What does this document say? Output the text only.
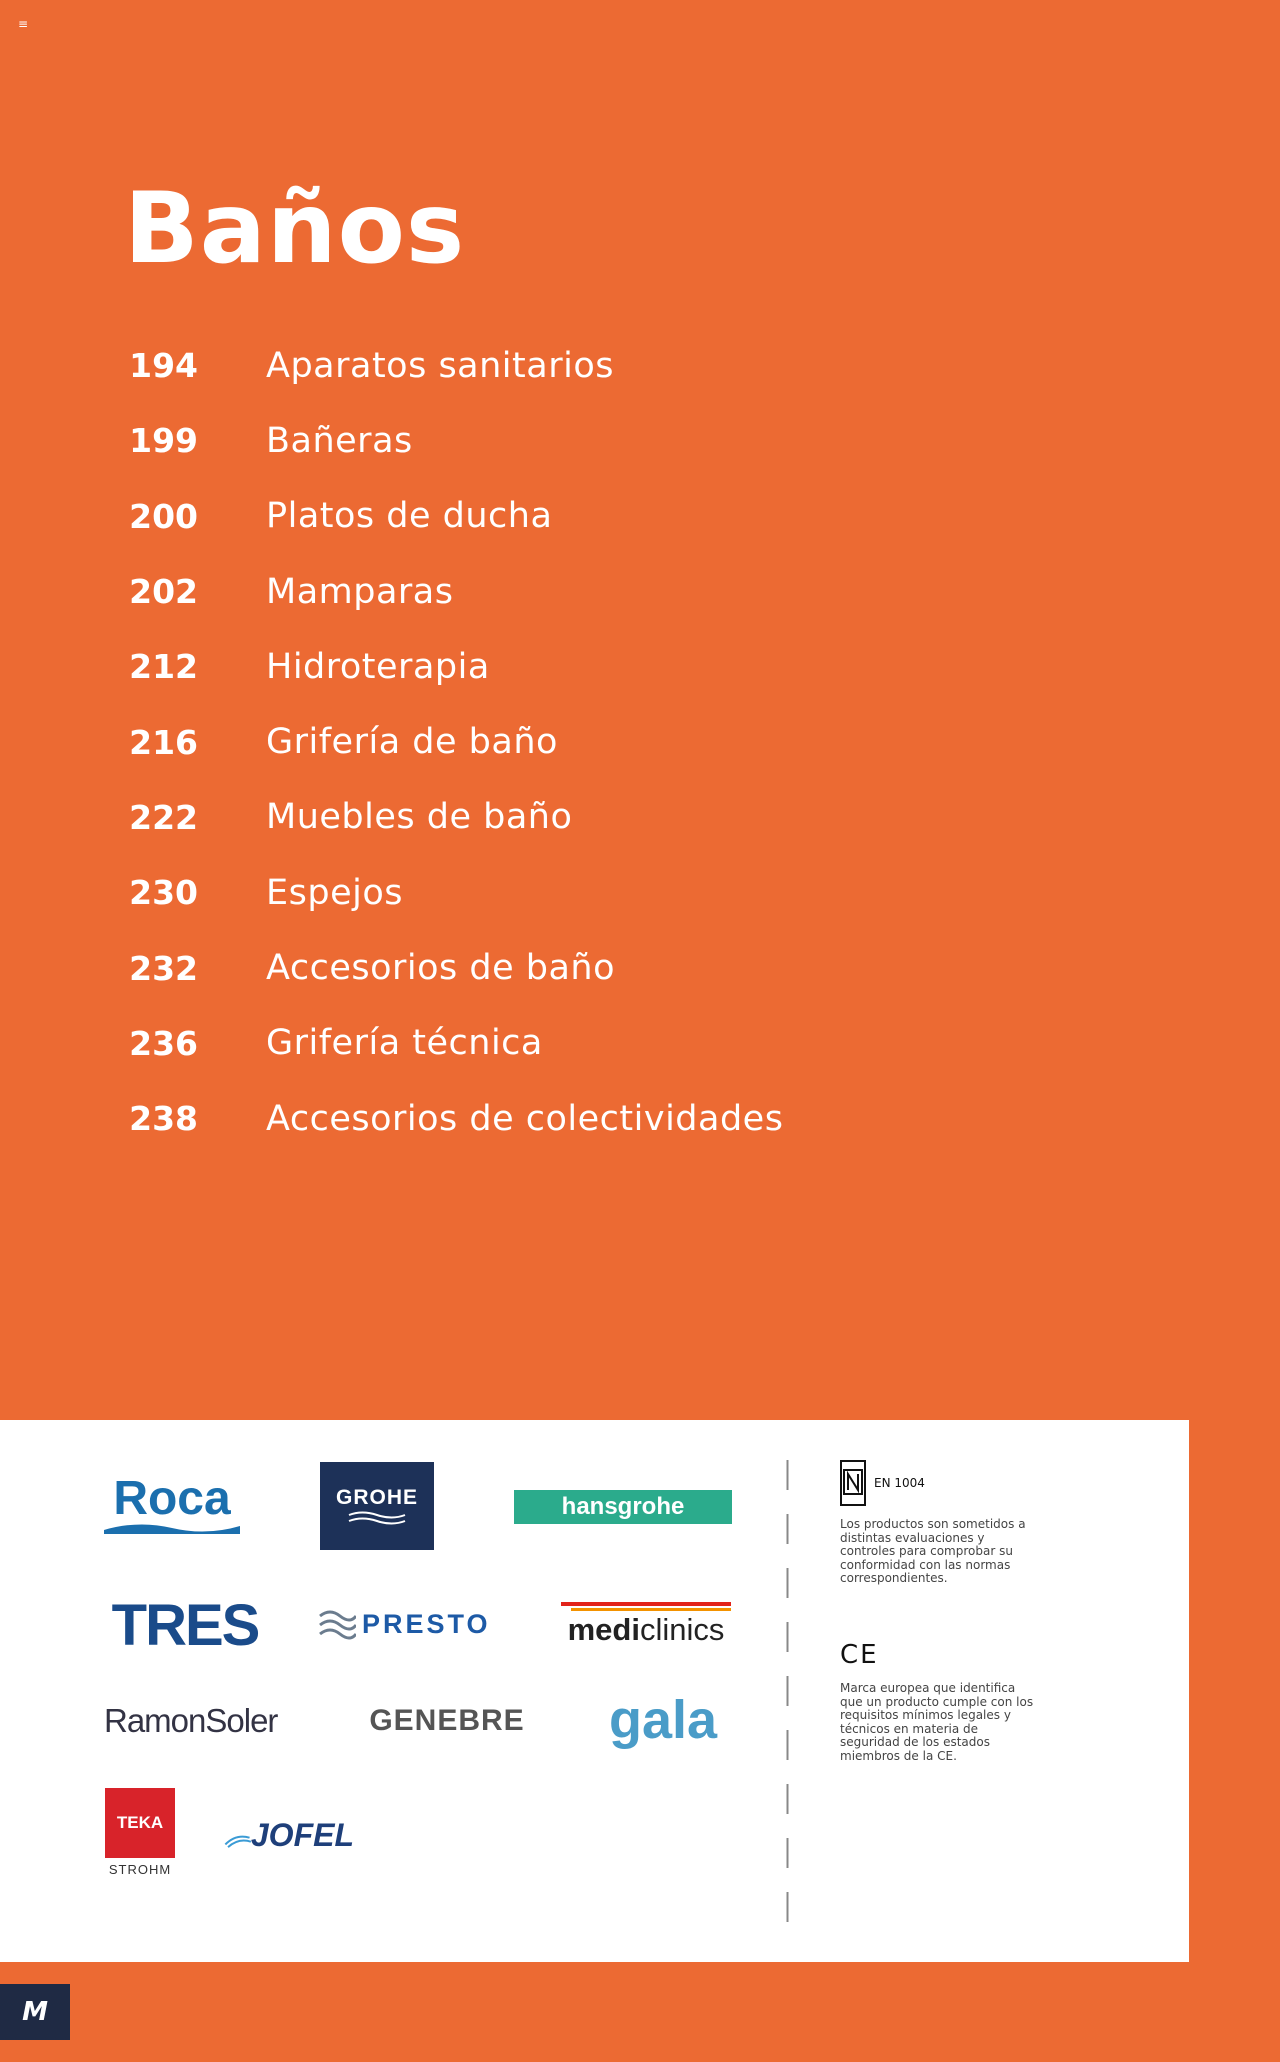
≡
Baños
194 Aparatos sanitarios
199 Bañeras
200 Platos de ducha
202 Mamparas
212 Hidroterapia
216 Grifería de baño
222 Muebles de baño
230 Espejos
232 Accesorios de baño
236 Grifería técnica
238 Accesorios de colectividades
Roca	GROHE	hansgrohe
TRES	PRESTO mediclinics
RamonSoler	GENEBRE gala
TEKA
STROHM
JOFEL
EN 1004
Los productos son sometidos a distintas evaluaciones y controles para comprobar su conformidad con las normas correspondientes.
CE
Marca europea que identifica que un producto cumple con los requisitos mínimos legales y técnicos en materia de seguridad de los estados miembros de la CE.
M
